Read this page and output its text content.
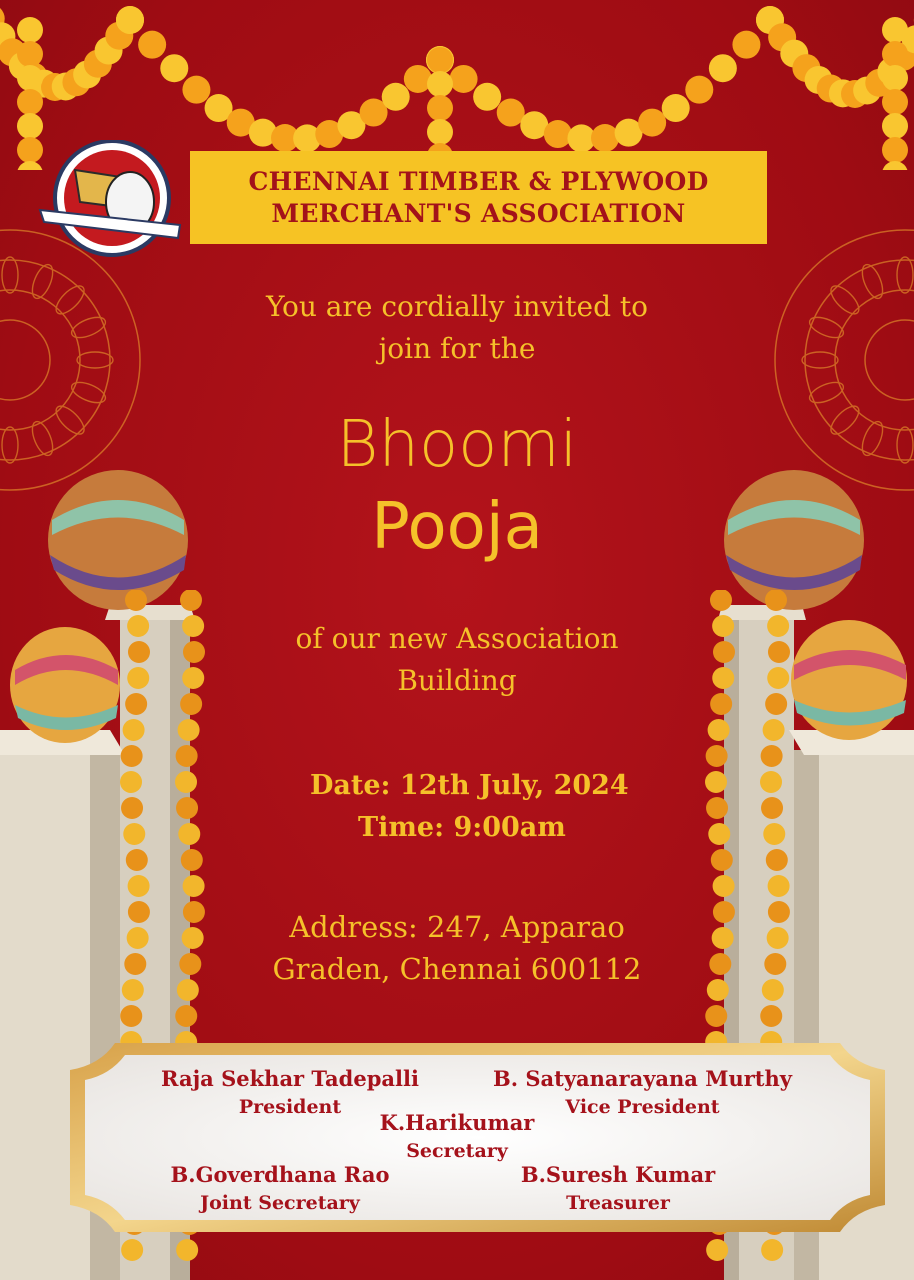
CHENNAI TIMBER & PLYWOOD
MERCHANT'S ASSOCIATION
You are cordially invited to
join for the
Bhoomi
Pooja
of our new Association
Building
Date: 12th July, 2024
Time: 9:00am
Address: 247, Apparao
Graden, Chennai 600112
Raja Sekhar Tadepalli
President
B. Satyanarayana Murthy
Vice President
K.Harikumar
Secretary
B.Goverdhana Rao
Joint Secretary
B.Suresh Kumar
Treasurer
